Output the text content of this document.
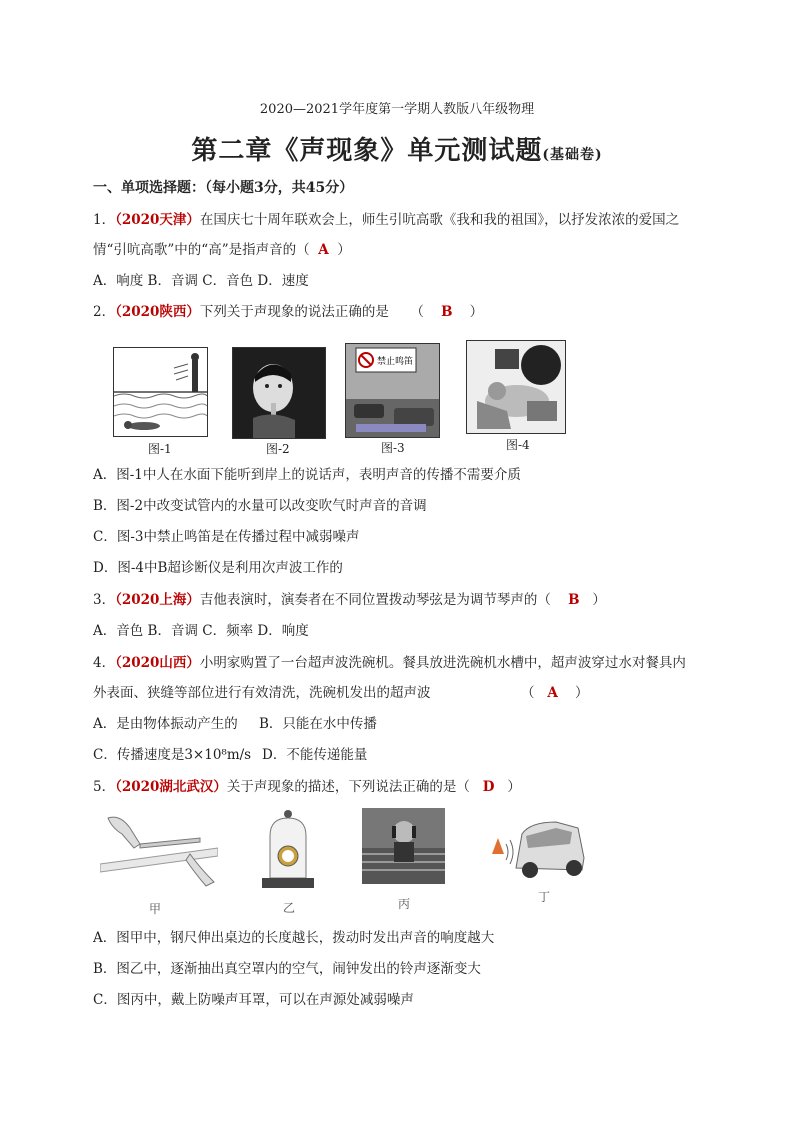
2020—2021学年度第一学期人教版八年级物理
第二章《声现象》单元测试题(基础卷)
一、单项选择题：（每小题3分，共45分）
1．（2020天津）在国庆七十周年联欢会上，师生引吭高歌《我和我的祖国》，以抒发浓浓的爱国之
情“引吭高歌”中的“高”是指声音的（ A ）
A．响度 B．音调 C．音色 D．速度
2．（2020陕西）下列关于声现象的说法正确的是 （ B ）
禁止鸣笛
图-1	图-2	图-3	图-4
A．图-1中人在水面下能听到岸上的说话声，表明声音的传播不需要介质
B．图-2中改变试管内的水量可以改变吹气时声音的音调
C．图-3中禁止鸣笛是在传播过程中减弱噪声
D．图-4中B超诊断仪是利用次声波工作的
3．（2020上海）吉他表演时，演奏者在不同位置拨动琴弦是为调节琴声的（ B ）
A．音色 B．音调 C．频率 D．响度
4．（2020山西）小明家购置了一台超声波洗碗机。餐具放进洗碗机水槽中，超声波穿过水对餐具内
外表面、狭缝等部位进行有效清洗，洗碗机发出的超声波	（ A ）
A．是由物体振动产生的 B．只能在水中传播
C．传播速度是3×10⁸m/s D．不能传递能量
5．（2020湖北武汉）关于声现象的描述，下列说法正确的是（ D ）
甲	乙	丙	丁
A．图甲中，钢尺伸出桌边的长度越长，拨动时发出声音的响度越大
B．图乙中，逐渐抽出真空罩内的空气，闹钟发出的铃声逐渐变大
C．图丙中，戴上防噪声耳罩，可以在声源处减弱噪声
